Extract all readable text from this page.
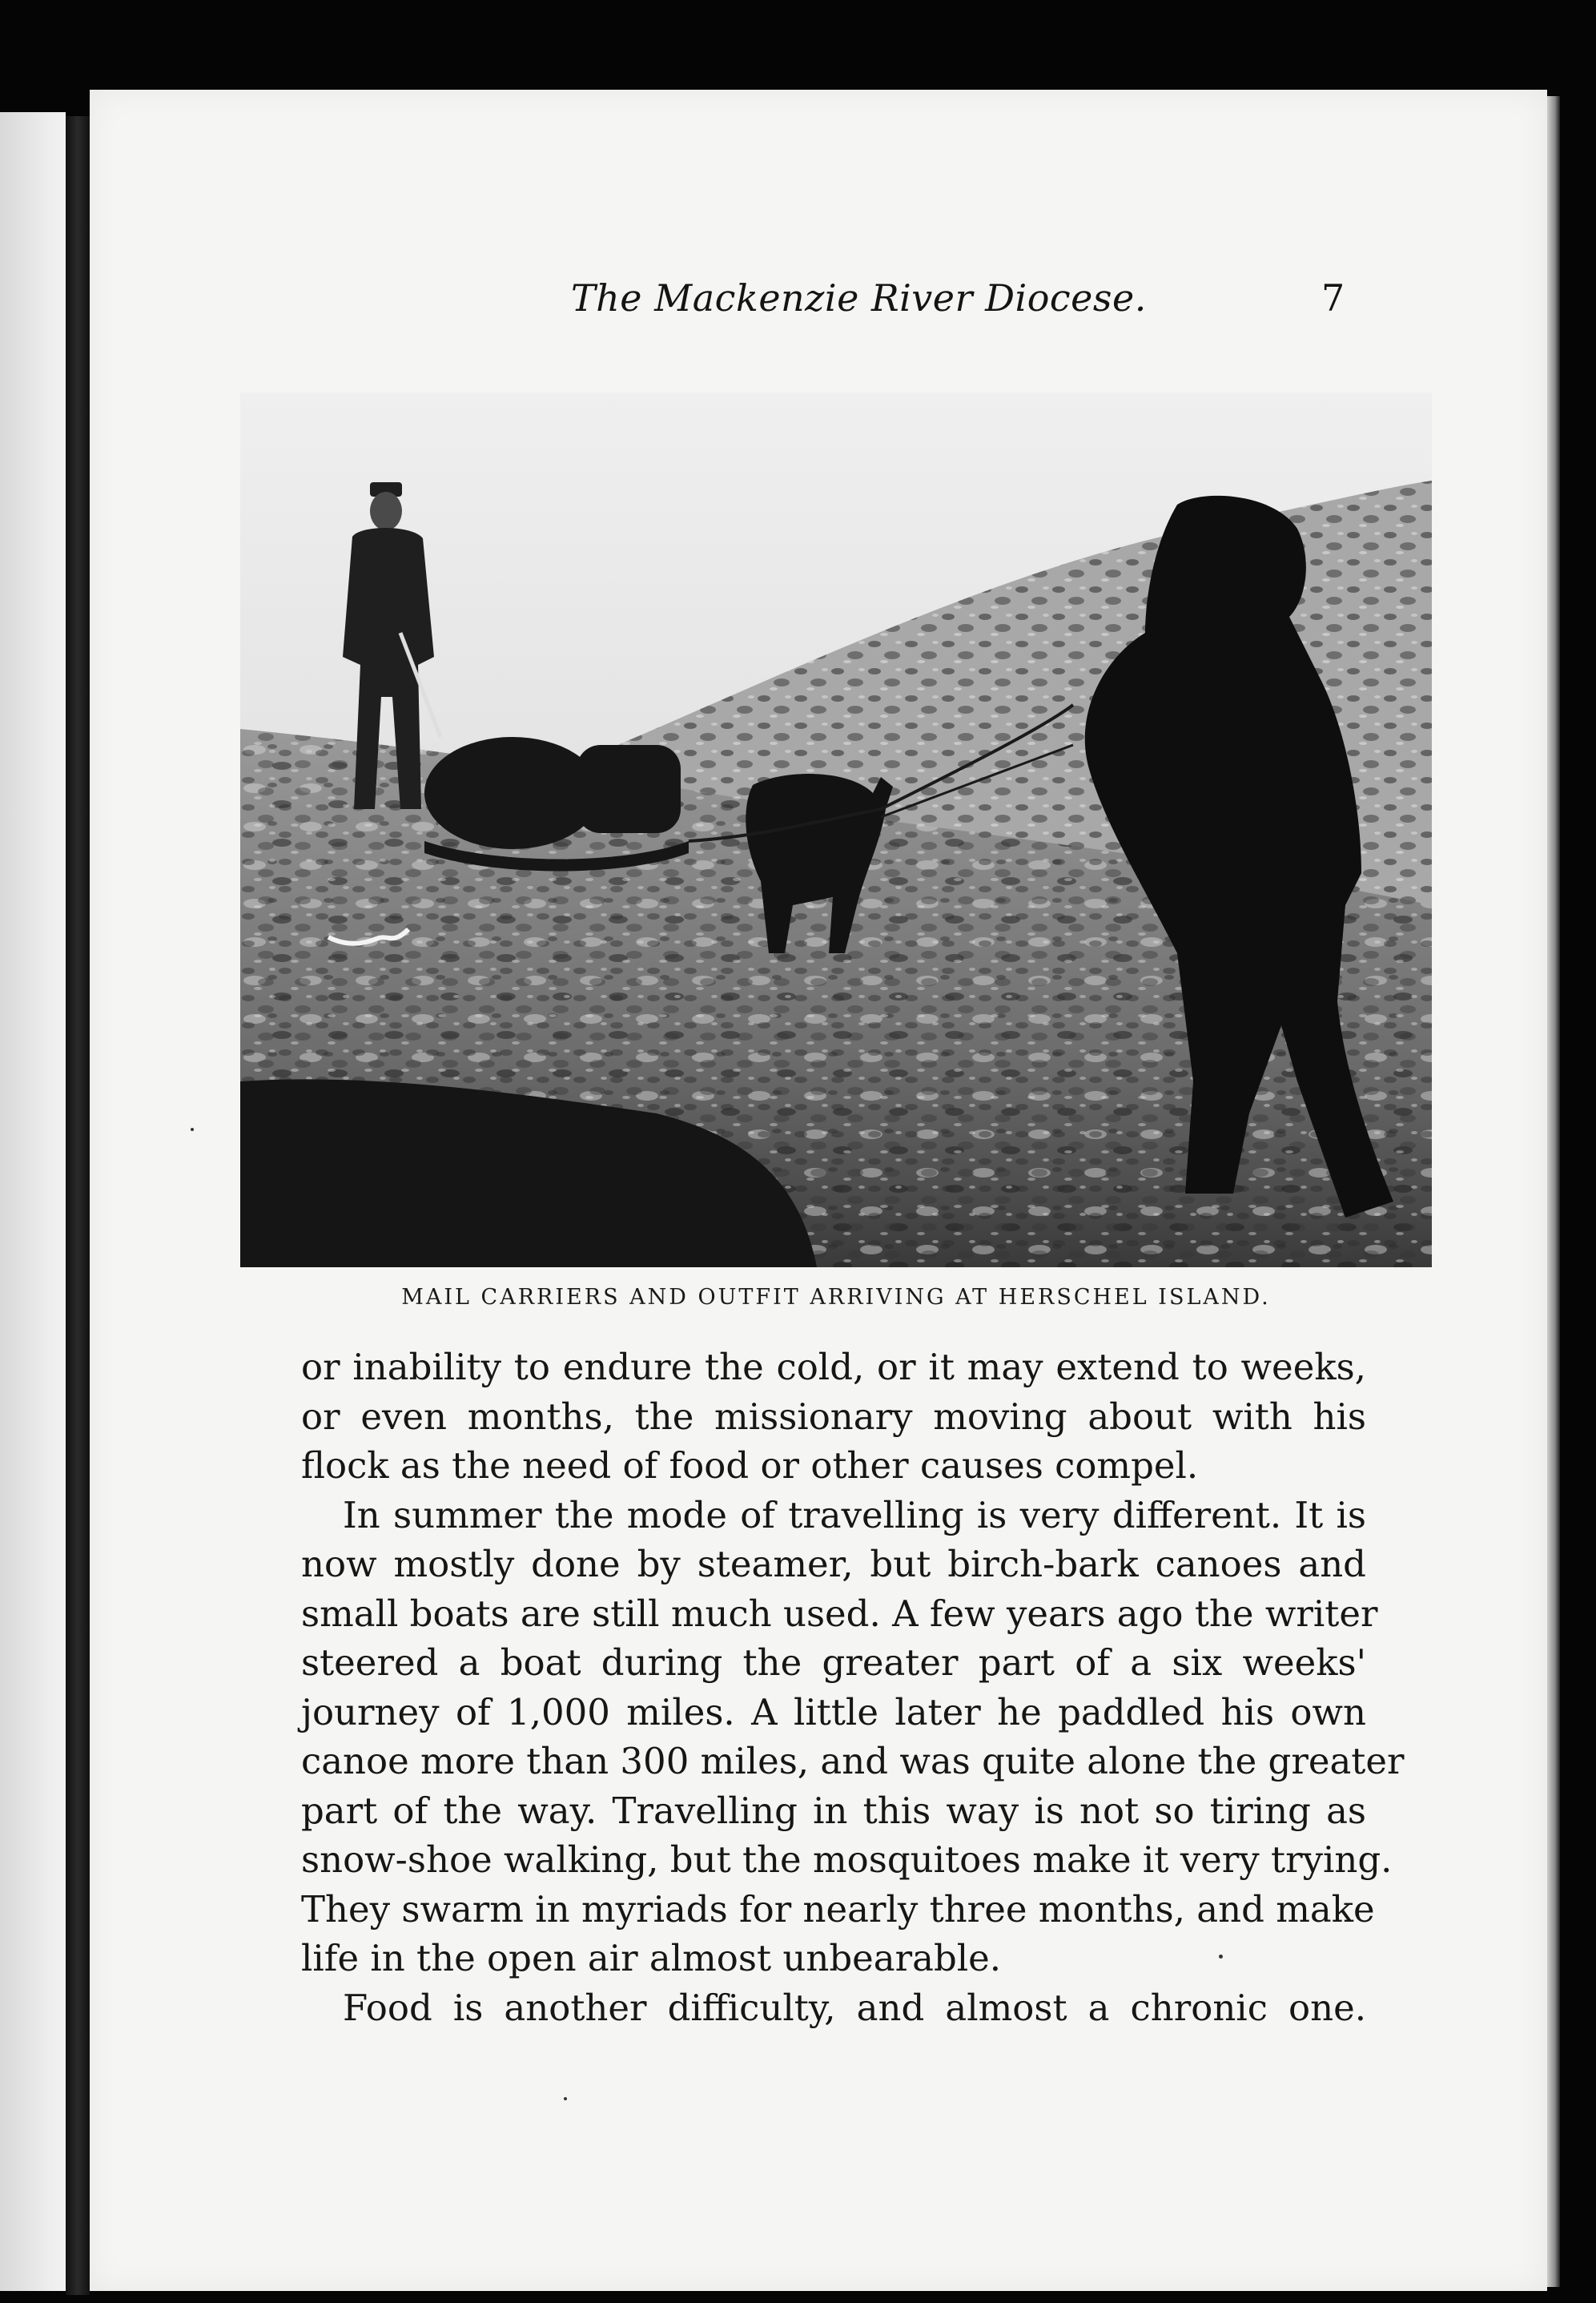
The Mackenzie River Diocese.	7
MAIL CARRIERS AND OUTFIT ARRIVING AT HERSCHEL ISLAND.
or inability to endure the cold, or it may extend to weeks,
or even months, the missionary moving about with his
flock as the need of food or other causes compel.
In summer the mode of travelling is very different. It is
now mostly done by steamer, but birch-bark canoes and
small boats are still much used. A few years ago the writer
steered a boat during the greater part of a six weeks'
journey of 1,000 miles. A little later he paddled his own
canoe more than 300 miles, and was quite alone the greater
part of the way. Travelling in this way is not so tiring as
snow-shoe walking, but the mosquitoes make it very trying.
They swarm in myriads for nearly three months, and make
life in the open air almost unbearable.
Food is another difficulty, and almost a chronic one.
